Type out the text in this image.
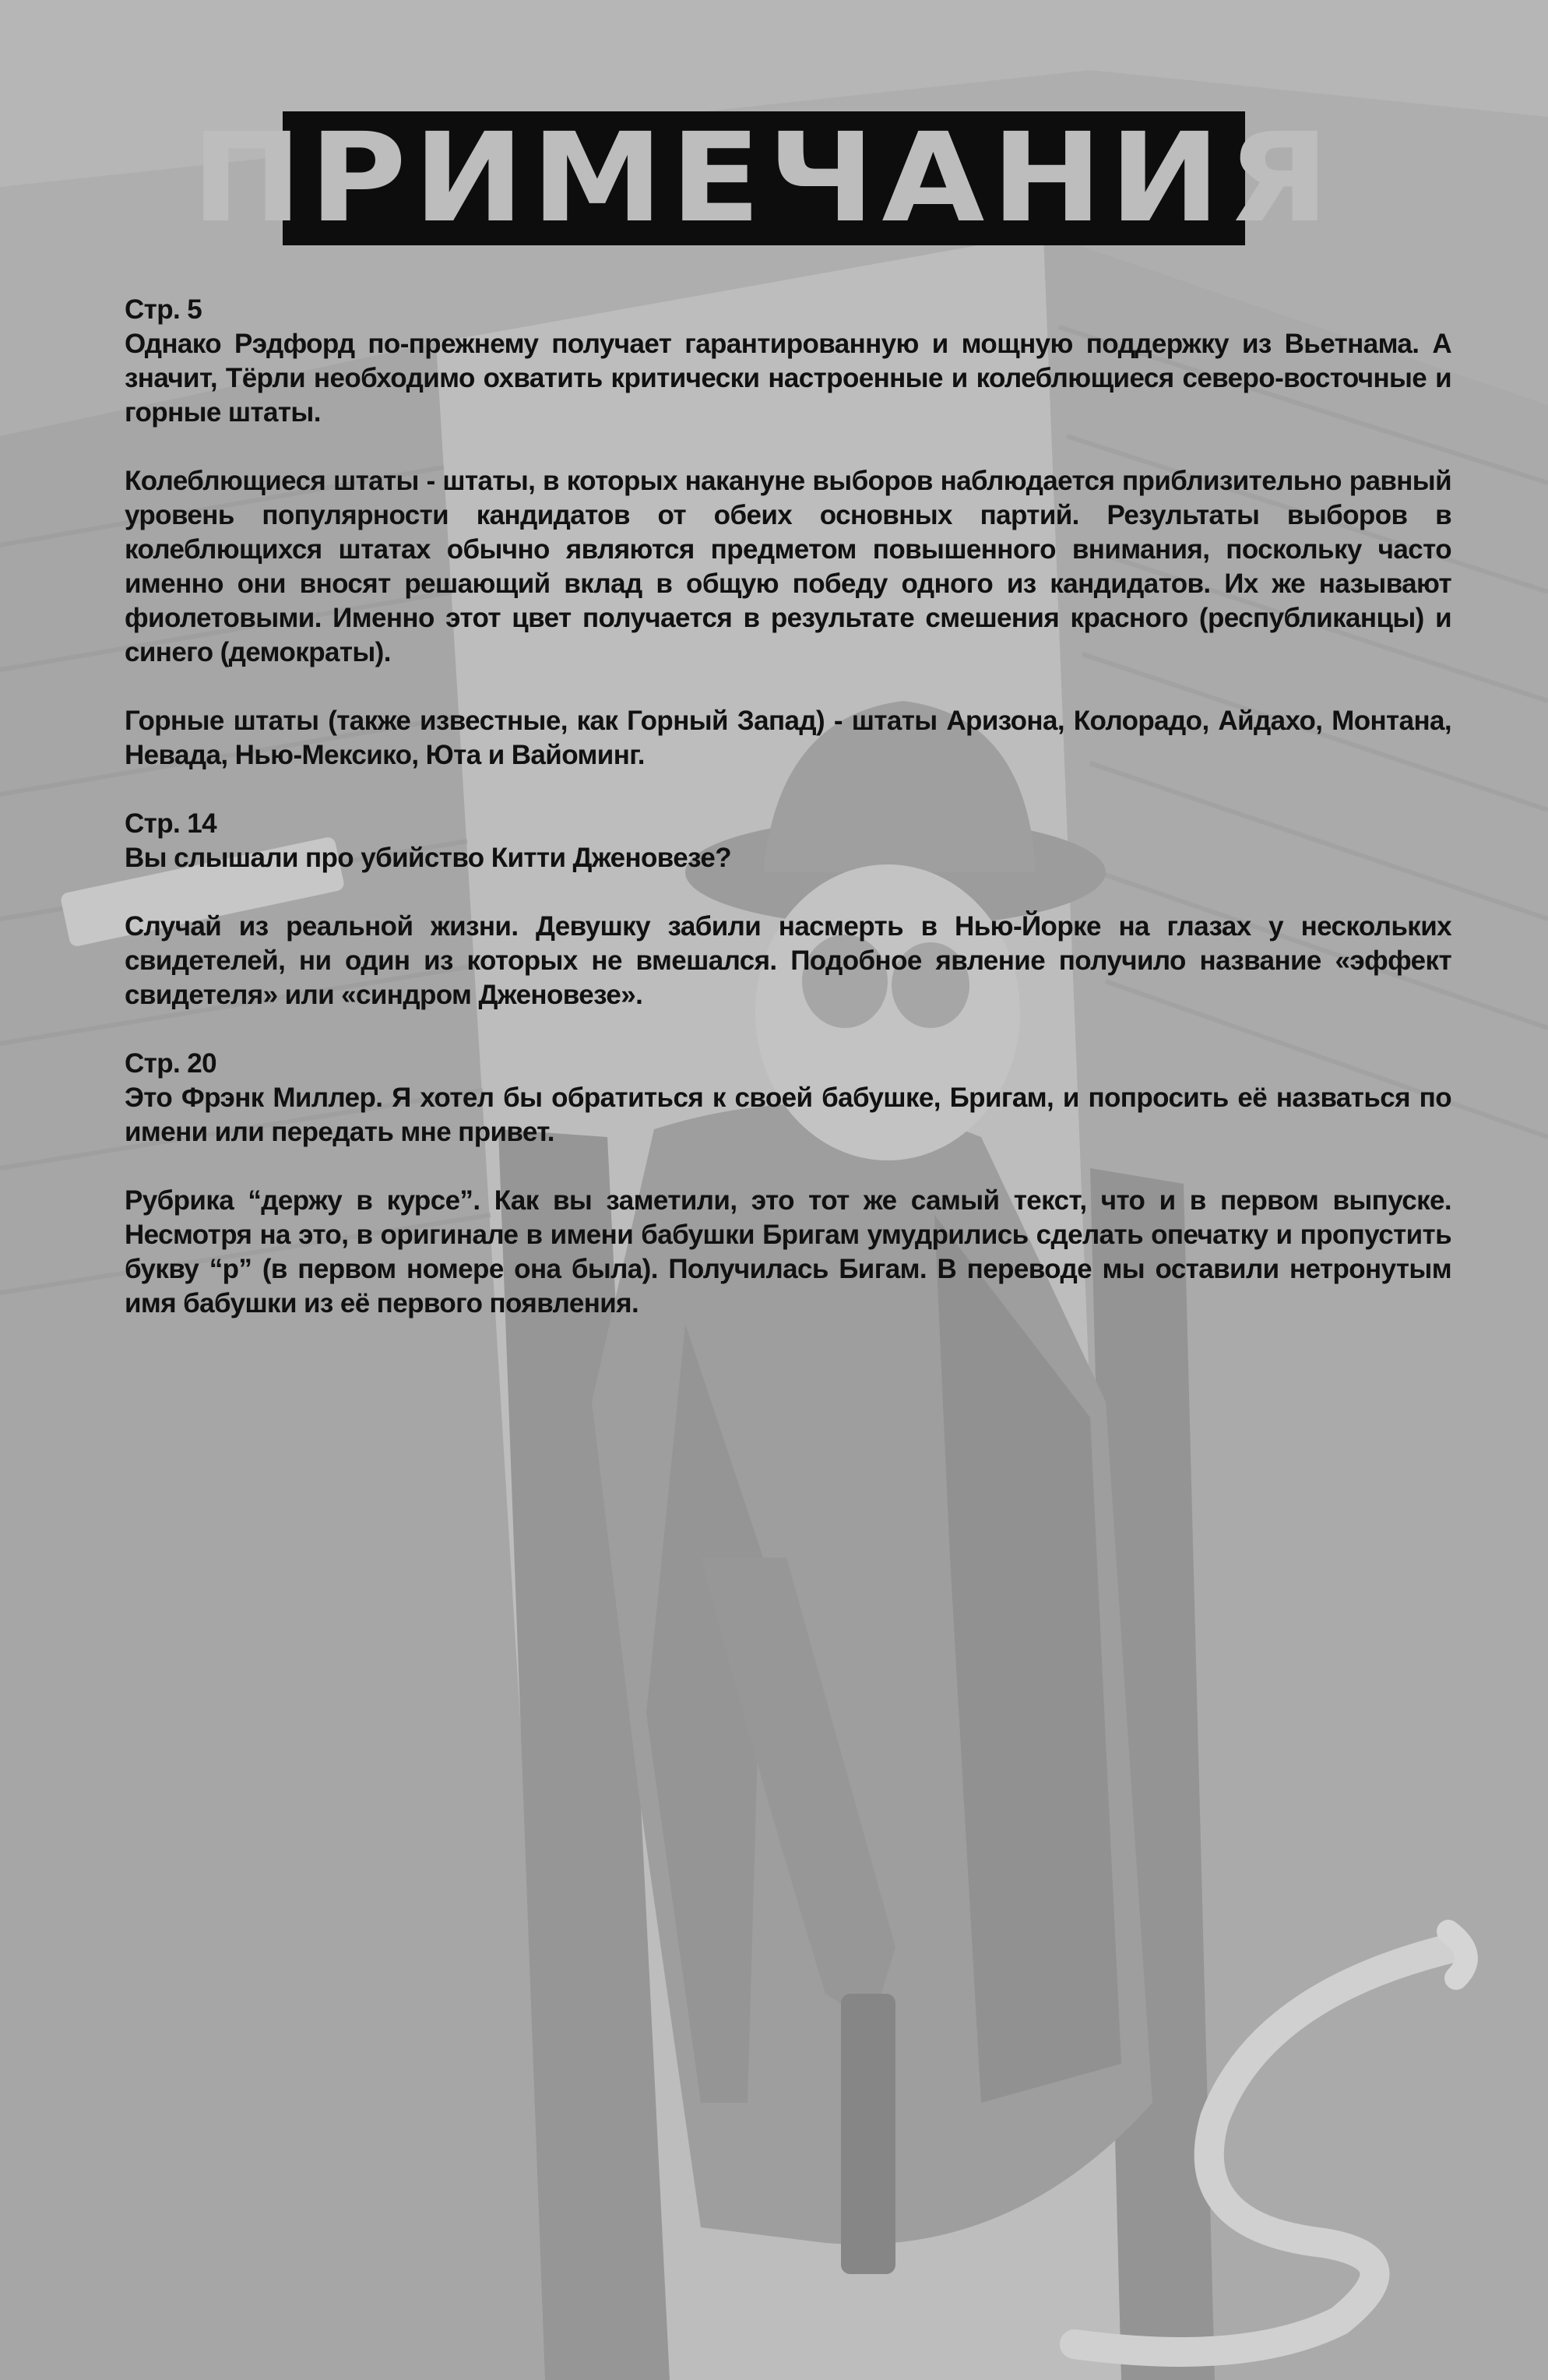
ПРИМЕЧАНИЯ

Стр. 5

Однако Рэдфорд по-прежнему получает гарантированную и мощную поддержку из Вьетнама. А значит, Тёрли необходимо охватить критически настроенные и колеблющиеся северо-восточные и горные штаты.

Колеблющиеся штаты - штаты, в которых накануне выборов наблюдается приблизительно равный уровень популярности кандидатов от обеих основных партий. Результаты выборов в колеблющихся штатах обычно являются предметом повышенного внимания, поскольку часто именно они вносят решающий вклад в общую победу одного из кандидатов. Их же называют фиолетовыми. Именно этот цвет получается в результате смешения красного (республиканцы) и синего (демократы).

Горные штаты (также известные, как Горный Запад) - штаты Аризона, Колорадо, Айдахо, Монтана, Невада, Нью-Мексико, Юта и Вайоминг.

Стр. 14

Вы слышали про убийство Китти Дженовезе?

Случай из реальной жизни. Девушку забили насмерть в Нью-Йорке на глазах у нескольких свидетелей, ни один из которых не вмешался. Подобное явление получило название «эффект свидетеля» или «синдром Дженовезе».

Стр. 20

Это Фрэнк Миллер. Я хотел бы обратиться к своей бабушке, Бригам, и попросить её назваться по имени или передать мне привет.

Рубрика “держу в курсе”. Как вы заметили, это тот же самый текст, что и в первом выпуске. Несмотря на это, в оригинале в имени бабушки Бригам умудрились сделать опечатку и пропустить букву “р” (в первом номере она была). Получилась Бигам. В переводе мы оставили нетронутым имя бабушки из её первого появления.
